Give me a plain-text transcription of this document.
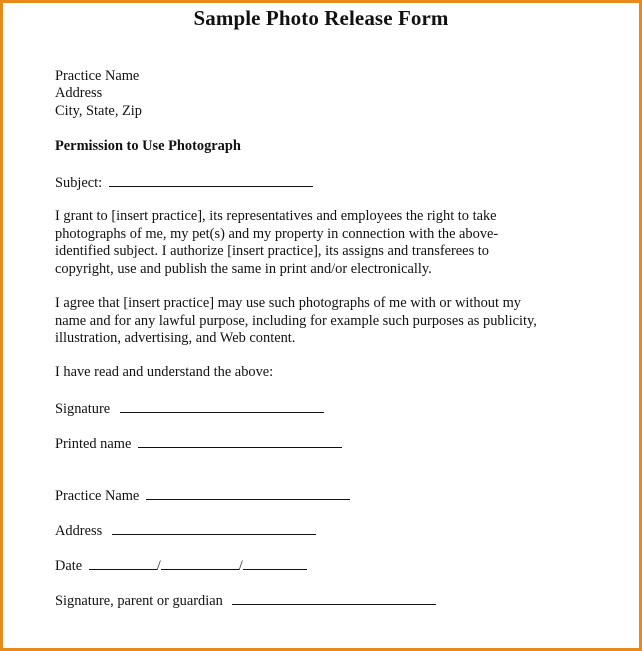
Sample Photo Release Form
Practice Name
Address
City, State, Zip
Permission to Use Photograph
Subject:
I grant to [insert practice], its representatives and employees the right to take
photographs of me, my pet(s) and my property in connection with the above-
identified subject. I authorize [insert practice], its assigns and transferees to
copyright, use and publish the same in print and/or electronically.
I agree that [insert practice] may use such photographs of me with or without my
name and for any lawful purpose, including for example such purposes as publicity,
illustration, advertising, and Web content.
I have read and understand the above:
Signature
Printed name
Practice Name
Address
Date	/	/
Signature, parent or guardian
